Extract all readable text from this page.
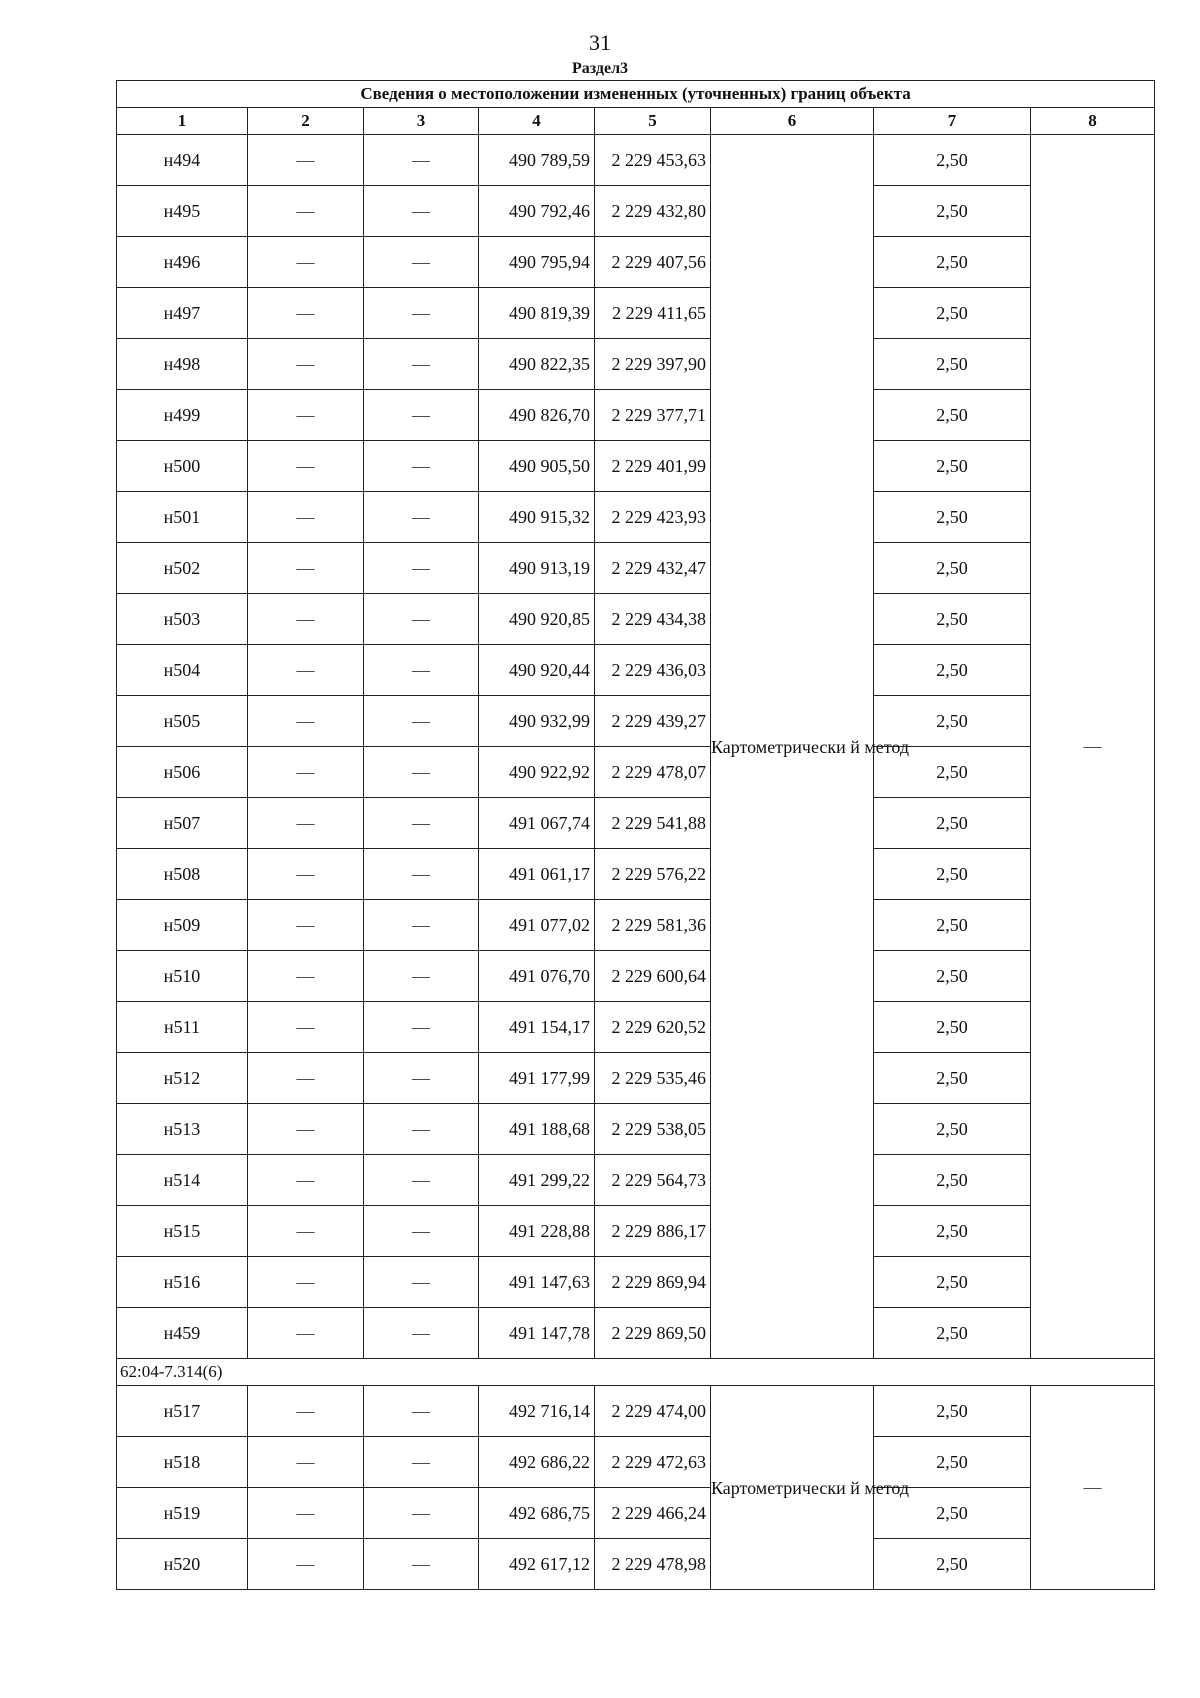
31
Раздел3
Сведения о местоположении измененных (уточненных) границ объекта							
1	2	3	4	5	6	7	8
н494	—	—	490 789,59	2 229 453,63	Картометрически й метод	2,50	—
н495	—	—	490 792,46	2 229 432,80		2,50	
н496	—	—	490 795,94	2 229 407,56		2,50	
н497	—	—	490 819,39	2 229 411,65		2,50	
н498	—	—	490 822,35	2 229 397,90		2,50	
н499	—	—	490 826,70	2 229 377,71		2,50	
н500	—	—	490 905,50	2 229 401,99		2,50	
н501	—	—	490 915,32	2 229 423,93		2,50	
н502	—	—	490 913,19	2 229 432,47		2,50	
н503	—	—	490 920,85	2 229 434,38		2,50	
н504	—	—	490 920,44	2 229 436,03		2,50	
н505	—	—	490 932,99	2 229 439,27		2,50	
н506	—	—	490 922,92	2 229 478,07		2,50	
н507	—	—	491 067,74	2 229 541,88		2,50	
н508	—	—	491 061,17	2 229 576,22		2,50	
н509	—	—	491 077,02	2 229 581,36		2,50	
н510	—	—	491 076,70	2 229 600,64		2,50	
н511	—	—	491 154,17	2 229 620,52		2,50	
н512	—	—	491 177,99	2 229 535,46		2,50	
н513	—	—	491 188,68	2 229 538,05		2,50	
н514	—	—	491 299,22	2 229 564,73		2,50	
н515	—	—	491 228,88	2 229 886,17		2,50	
н516	—	—	491 147,63	2 229 869,94		2,50	
н459	—	—	491 147,78	2 229 869,50		2,50	
62:04-7.314(6)							
н517	—	—	492 716,14	2 229 474,00	Картометрически й метод	2,50	—
н518	—	—	492 686,22	2 229 472,63		2,50	
н519	—	—	492 686,75	2 229 466,24		2,50	
н520	—	—	492 617,12	2 229 478,98		2,50	
